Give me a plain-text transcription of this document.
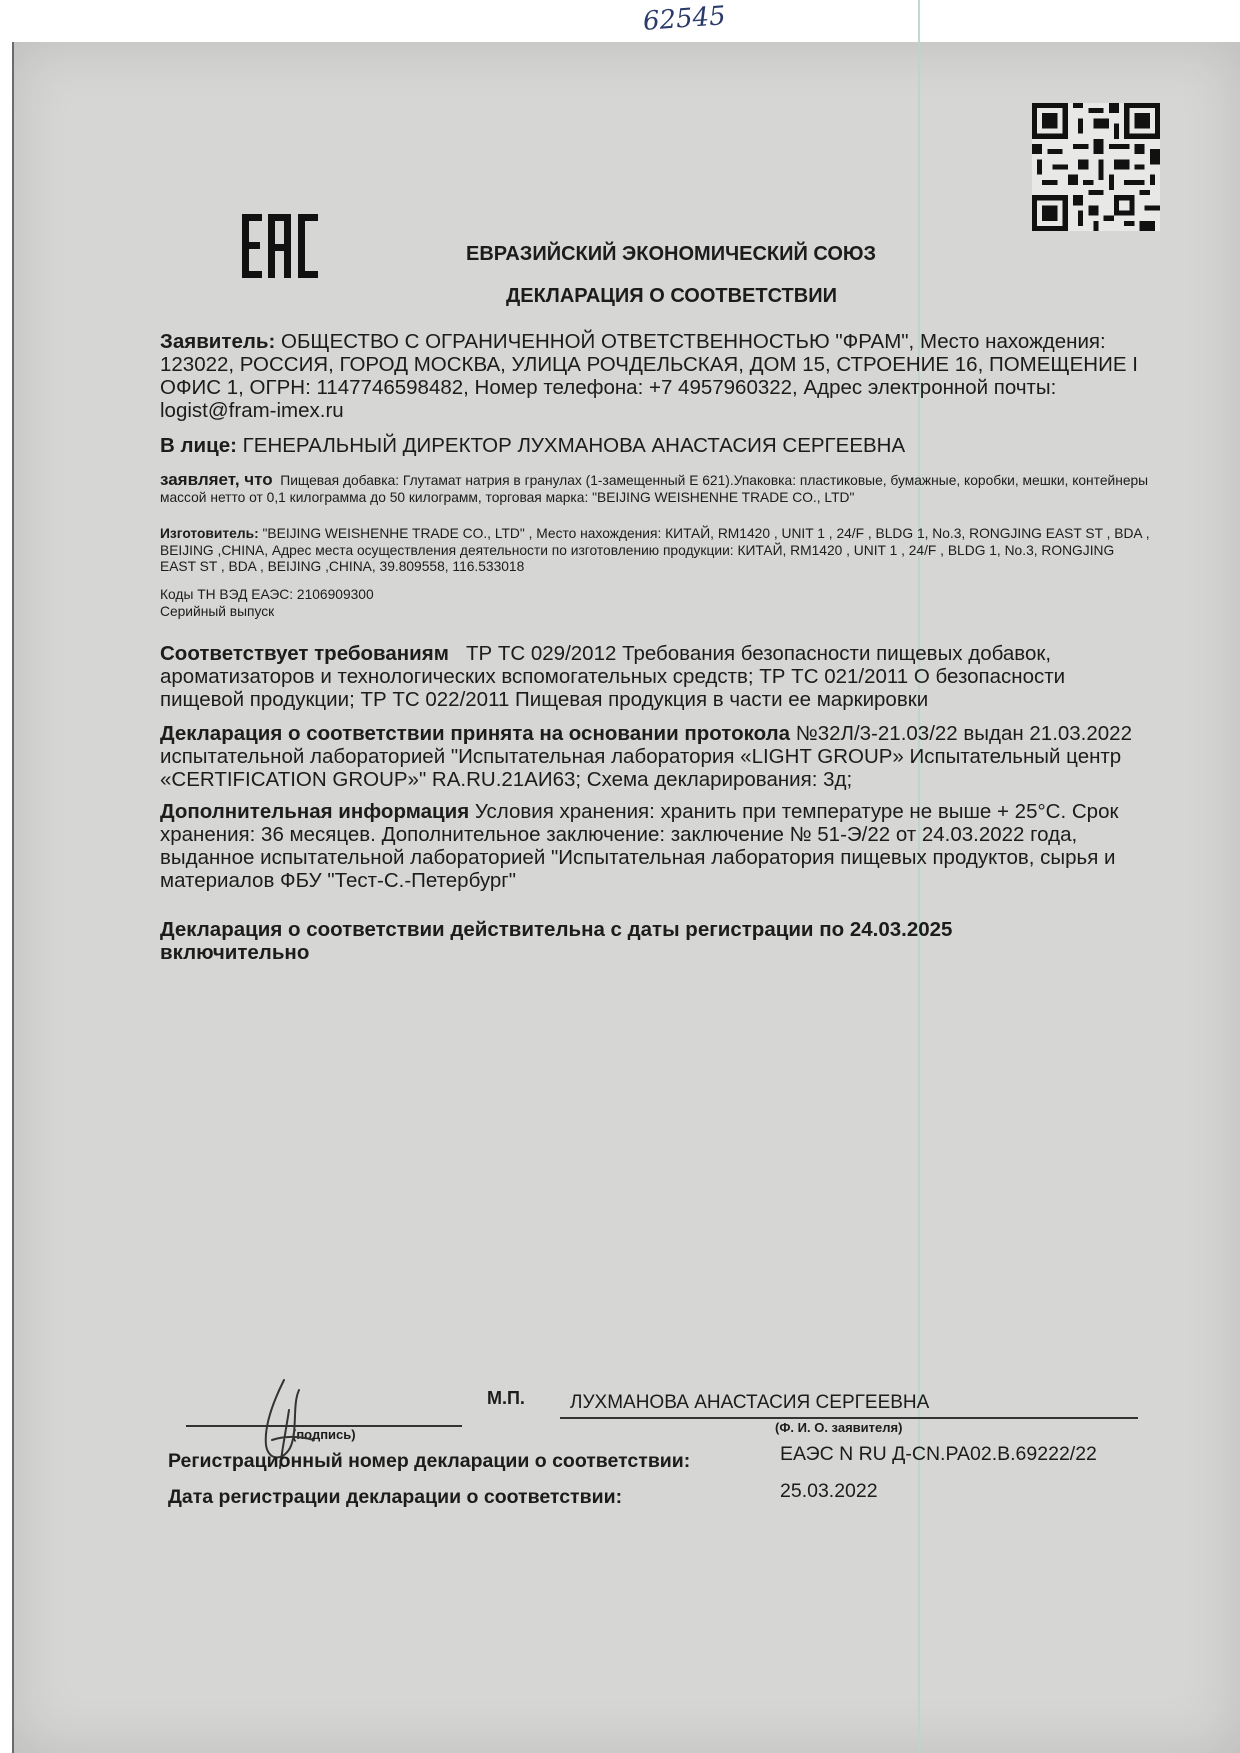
62545
ЕВРАЗИЙСКИЙ ЭКОНОМИЧЕСКИЙ СОЮЗ
ДЕКЛАРАЦИЯ О СООТВЕТСТВИИ
Заявитель: ОБЩЕСТВО С ОГРАНИЧЕННОЙ ОТВЕТСТВЕННОСТЬЮ "ФРАМ", Место нахождения: 123022, РОССИЯ, ГОРОД МОСКВА, УЛИЦА РОЧДЕЛЬСКАЯ, ДОМ 15, СТРОЕНИЕ 16, ПОМЕЩЕНИЕ I ОФИС 1, ОГРН: 1147746598482, Номер телефона: +7 4957960322, Адрес электронной почты: logist@fram-imex.ru
В лице: ГЕНЕРАЛЬНЫЙ ДИРЕКТОР ЛУХМАНОВА АНАСТАСИЯ СЕРГЕЕВНА
заявляет, что Пищевая добавка: Глутамат натрия в гранулах (1-замещенный Е 621).Упаковка: пластиковые, бумажные, коробки, мешки, контейнеры массой нетто от 0,1 килограмма до 50 килограмм, торговая марка: "BEIJING WEISHENHE TRADE CO., LTD"
Изготовитель: "BEIJING WEISHENHE TRADE CO., LTD" , Место нахождения: КИТАЙ, RM1420 , UNIT 1 , 24/F , BLDG 1, No.3, RONGJING EAST ST , BDA , BEIJING ,CHINA, Адрес места осуществления деятельности по изготовлению продукции: КИТАЙ, RM1420 , UNIT 1 , 24/F , BLDG 1, No.3, RONGJING EAST ST , BDA , BEIJING ,CHINA, 39.809558, 116.533018
Коды ТН ВЭД ЕАЭС: 2106909300
Серийный выпуск
Соответствует требованиям ТР ТС 029/2012 Требования безопасности пищевых добавок, ароматизаторов и технологических вспомогательных средств; ТР ТС 021/2011 О безопасности пищевой продукции; ТР ТС 022/2011 Пищевая продукция в части ее маркировки
Декларация о соответствии принята на основании протокола №32Л/3-21.03/22 выдан 21.03.2022 испытательной лабораторией "Испытательная лаборатория «LIGHT GROUP» Испытательный центр «CERTIFICATION GROUP»" RA.RU.21АИ63; Схема декларирования: 3д;
Дополнительная информация Условия хранения: хранить при температуре не выше + 25°С. Срок хранения: 36 месяцев. Дополнительное заключение: заключение № 51-Э/22 от 24.03.2022 года, выданное испытательной лабораторией "Испытательная лаборатория пищевых продуктов, сырья и материалов ФБУ "Тест-С.-Петербург"
Декларация о соответствии действительна с даты регистрации по 24.03.2025 включительно
М.П. ЛУХМАНОВА АНАСТАСИЯ СЕРГЕЕВНА
(подпись)	(Ф. И. О. заявителя)
Регистрационный номер декларации о соответствии:	ЕАЭС N RU Д-CN.PA02.B.69222/22
Дата регистрации декларации о соответствии:	25.03.2022
